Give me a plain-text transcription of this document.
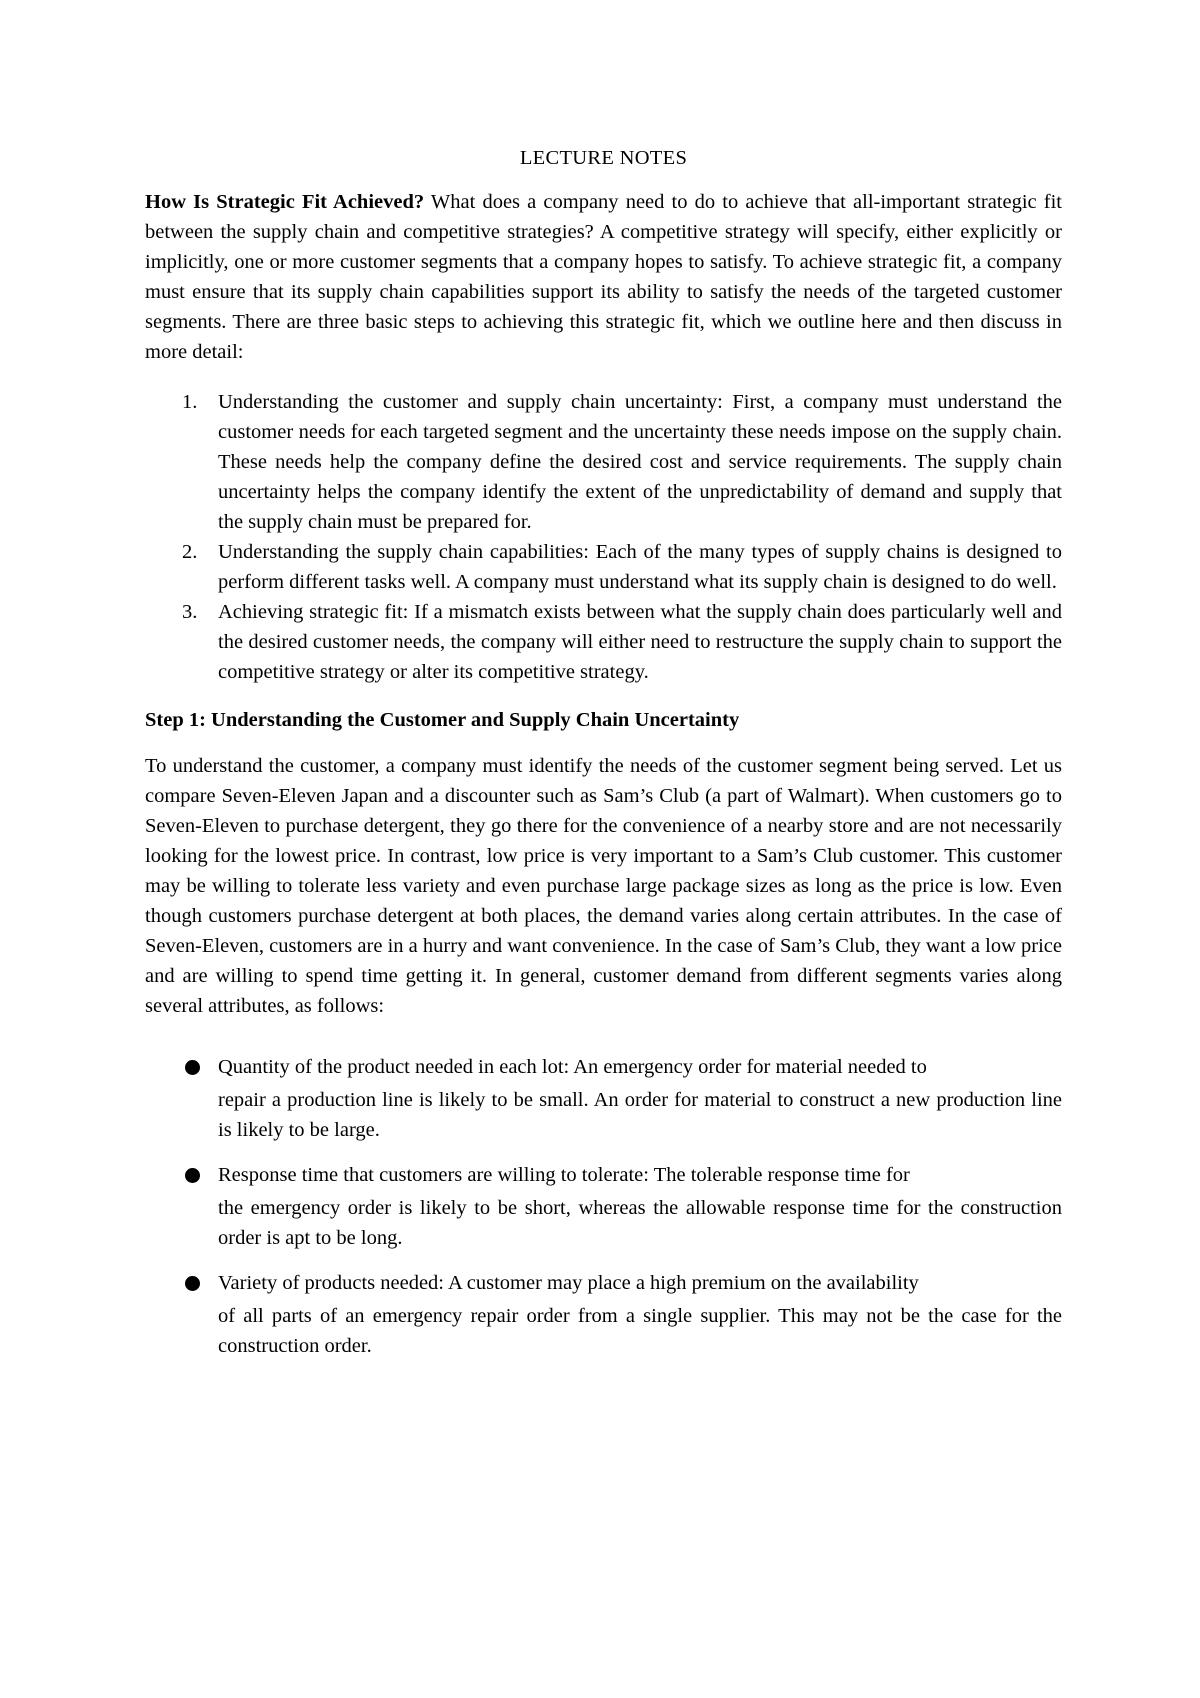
LECTURE NOTES

How Is Strategic Fit Achieved? What does a company need to do to achieve that all-important strategic fit between the supply chain and competitive strategies? A competitive strategy will specify, either explicitly or implicitly, one or more customer segments that a company hopes to satisfy. To achieve strategic fit, a company must ensure that its supply chain capabilities support its ability to satisfy the needs of the targeted customer segments. There are three basic steps to achieving this strategic fit, which we outline here and then discuss in more detail:

1. Understanding the customer and supply chain uncertainty: First, a company must understand the customer needs for each targeted segment and the uncertainty these needs impose on the supply chain. These needs help the company define the desired cost and service requirements. The supply chain uncertainty helps the company identify the extent of the unpredictability of demand and supply that the supply chain must be prepared for.
2. Understanding the supply chain capabilities: Each of the many types of supply chains is designed to perform different tasks well. A company must understand what its supply chain is designed to do well.
3. Achieving strategic fit: If a mismatch exists between what the supply chain does particularly well and the desired customer needs, the company will either need to restructure the supply chain to support the competitive strategy or alter its competitive strategy.
Step 1: Understanding the Customer and Supply Chain Uncertainty

To understand the customer, a company must identify the needs of the customer segment being served. Let us compare Seven-Eleven Japan and a discounter such as Sam’s Club (a part of Walmart). When customers go to Seven-Eleven to purchase detergent, they go there for the convenience of a nearby store and are not necessarily looking for the lowest price. In contrast, low price is very important to a Sam’s Club customer. This customer may be willing to tolerate less variety and even purchase large package sizes as long as the price is low. Even though customers purchase detergent at both places, the demand varies along certain attributes. In the case of Seven-Eleven, customers are in a hurry and want convenience. In the case of Sam’s Club, they want a low price and are willing to spend time getting it. In general, customer demand from different segments varies along several attributes, as follows:

Quantity of the product needed in each lot: An emergency order for material needed to
repair a production line is likely to be small. An order for material to construct a new production line is likely to be large.
Response time that customers are willing to tolerate: The tolerable response time for
the emergency order is likely to be short, whereas the allowable response time for the construction order is apt to be long.
Variety of products needed: A customer may place a high premium on the availability
of all parts of an emergency repair order from a single supplier. This may not be the case for the construction order.
